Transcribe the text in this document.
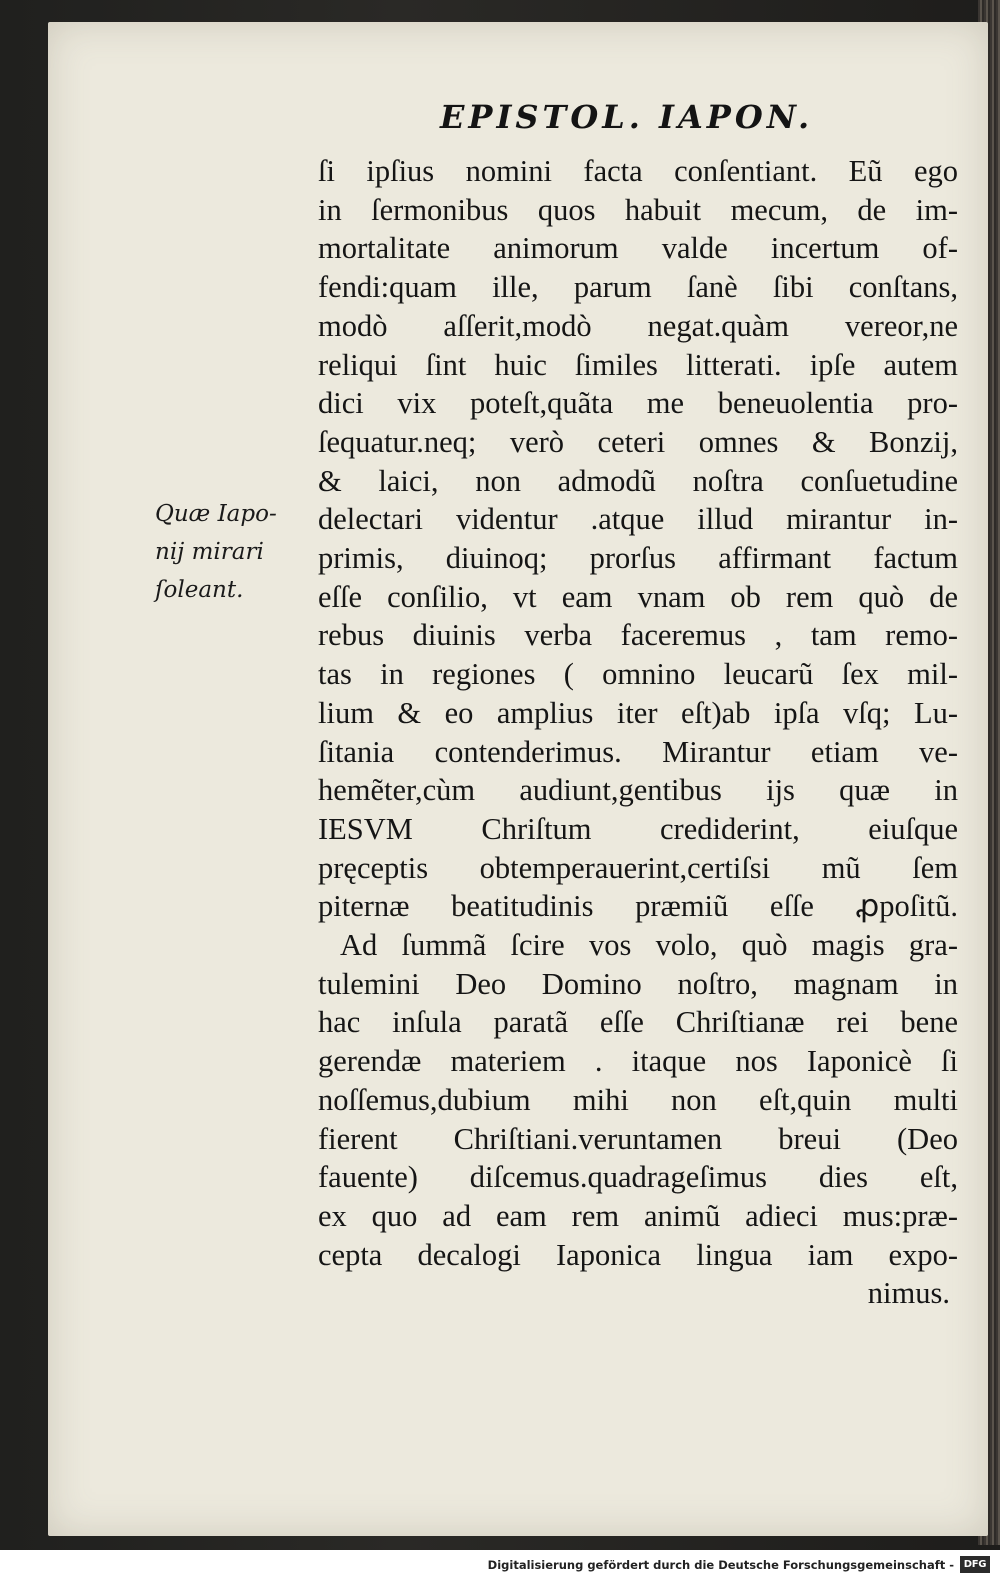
EPISTOL. IAPON.
Quæ Iapo-
nij mirari
ſoleant.
ſi ipſius nomini facta conſentiant. Eũ ego
in ſermonibus quos habuit mecum, de im-
mortalitate animorum valde incertum of-
fendi:quam ille, parum ſanè ſibi conſtans,
modò aſſerit,modò negat.quàm vereor,ne
reliqui ſint huic ſimiles litterati. ipſe autem
dici vix poteſt,quãta me beneuolentia pro-
ſequatur.neq; verò ceteri omnes & Bonzij,
& laici, non admodũ noſtra conſuetudine
delectari videntur .atque illud mirantur in-
primis, diuinoq; prorſus affirmant factum
eſſe conſilio, vt eam vnam ob rem quò de
rebus diuinis verba faceremus , tam remo-
tas in regiones ( omnino leucarũ ſex mil-
lium & eo amplius iter eſt)ab ipſa vſq; Lu-
ſitania contenderimus. Mirantur etiam ve-
hemẽter,cùm audiunt,gentibus ijs quæ in
IESVM Chriſtum crediderint, eiuſque
pręceptis obtemperauerint,certiſsi mũ ſem
piternæ beatitudinis præmiũ eſſe ꝓpoſitũ.
Ad ſummã ſcire vos volo, quò magis gra-
tulemini Deo Domino noſtro, magnam in
hac inſula paratã eſſe Chriſtianæ rei bene
gerendæ materiem . itaque nos Iaponicè ſi
noſſemus,dubium mihi non eſt,quin multi
fierent Chriſtiani.veruntamen breui (Deo
fauente) diſcemus.quadrageſimus dies eſt,
ex quo ad eam rem animũ adieci mus:præ-
cepta decalogi Iaponica lingua iam expo-
nimus.
Digitalisierung gefördert durch die Deutsche Forschungsgemeinschaft - DFG
